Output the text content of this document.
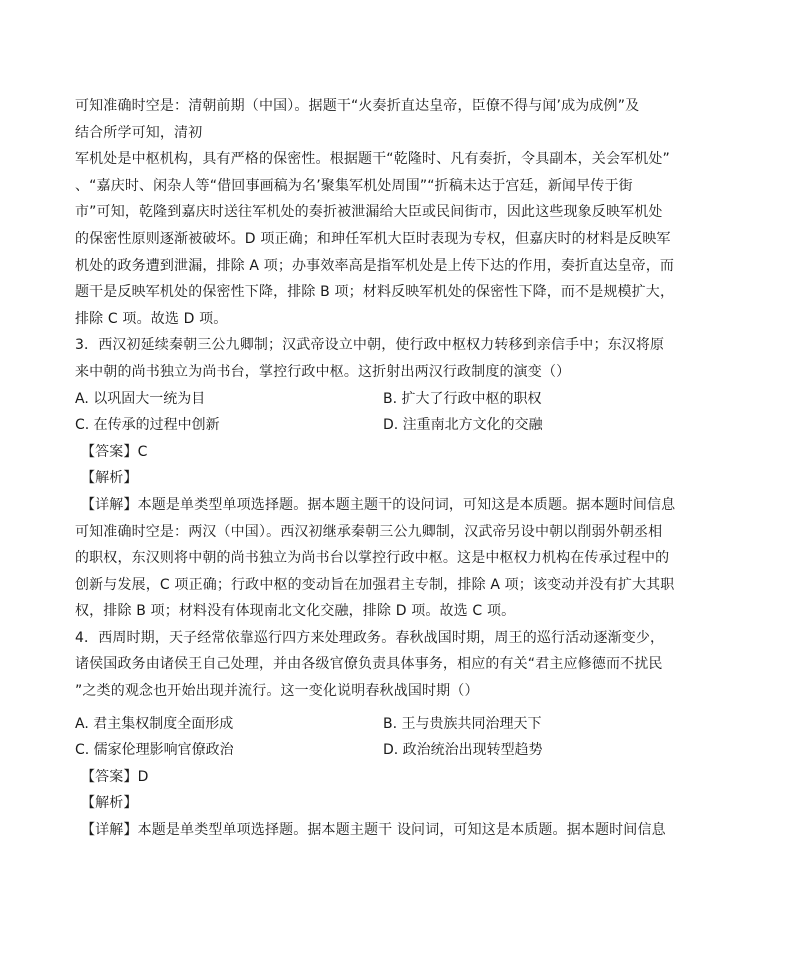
可知准确时空是：清朝前期（中国）。据题干“火奏折直达皇帝，臣僚不得与闻’成为成例”及
结合所学可知，清初
军机处是中枢机构，具有严格的保密性。根据题干“乾隆时、凡有奏折，令具副本，关会军机处”
、“嘉庆时、闲杂人等“借回事画稿为名’聚集军机处周围”“折稿未达于宫廷，新闻早传于街
市”可知，乾隆到嘉庆时送往军机处的奏折被泄漏给大臣或民间街市，因此这些现象反映军机处
的保密性原则逐渐被破坏。D 项正确；和珅任军机大臣时表现为专权，但嘉庆时的材料是反映军
机处的政务遭到泄漏，排除 A 项；办事效率高是指军机处是上传下达的作用，奏折直达皇帝，而
题干是反映军机处的保密性下降，排除 B 项；材料反映军机处的保密性下降，而不是规模扩大，
排除 C 项。故选 D 项。
3．西汉初延续秦朝三公九卿制；汉武帝设立中朝，使行政中枢权力转移到亲信手中；东汉将原
来中朝的尚书独立为尚书台，掌控行政中枢。这折射出两汉行政制度的演变（）
A. 以巩固大一统为目	B. 扩大了行政中枢的职权
C. 在传承的过程中创新	D. 注重南北方文化的交融
【答案】C
【解析】
【详解】本题是单类型单项选择题。据本题主题干的设问词，可知这是本质题。据本题时间信息
可知准确时空是：两汉（中国）。西汉初继承秦朝三公九卿制，汉武帝另设中朝以削弱外朝丞相
的职权，东汉则将中朝的尚书独立为尚书台以掌控行政中枢。这是中枢权力机构在传承过程中的
创新与发展，C 项正确；行政中枢的变动旨在加强君主专制，排除 A 项；该变动并没有扩大其职
权，排除 B 项；材料没有体现南北文化交融，排除 D 项。故选 C 项。
4．西周时期，天子经常依靠巡行四方来处理政务。春秋战国时期，周王的巡行活动逐渐变少，
诸侯国政务由诸侯王自己处理，并由各级官僚负责具体事务，相应的有关“君主应修德而不扰民
”之类的观念也开始出现并流行。这一变化说明春秋战国时期（）
A. 君主集权制度全面形成	B. 王与贵族共同治理天下
C. 儒家伦理影响官僚政治	D. 政治统治出现转型趋势
【答案】D
【解析】
【详解】本题是单类型单项选择题。据本题主题干 设问词，可知这是本质题。据本题时间信息
